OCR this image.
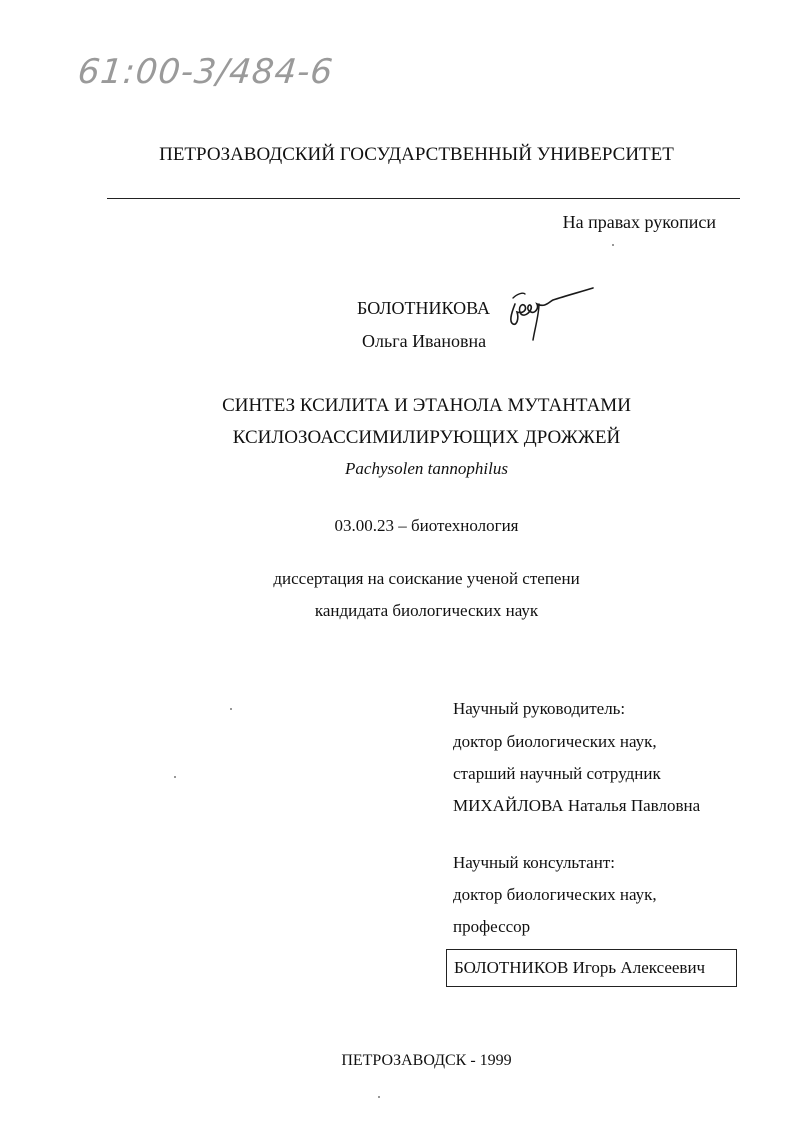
61:00-3/484-6
ПЕТРОЗАВОДСКИЙ ГОСУДАРСТВЕННЫЙ УНИВЕРСИТЕТ
На правах рукописи
БОЛОТНИКОВА
Ольга Ивановна
СИНТЕЗ КСИЛИТА И ЭТАНОЛА МУТАНТАМИ
КСИЛОЗОАССИМИЛИРУЮЩИХ ДРОЖЖЕЙ
Pachysolen tannophilus
03.00.23 – биотехнология
диссертация на соискание ученой степени
кандидата биологических наук
Научный руководитель:
доктор биологических наук,
старший научный сотрудник
МИХАЙЛОВА Наталья Павловна
Научный консультант:
доктор биологических наук,
профессор
БОЛОТНИКОВ Игорь Алексеевич
ПЕТРОЗАВОДСК - 1999
